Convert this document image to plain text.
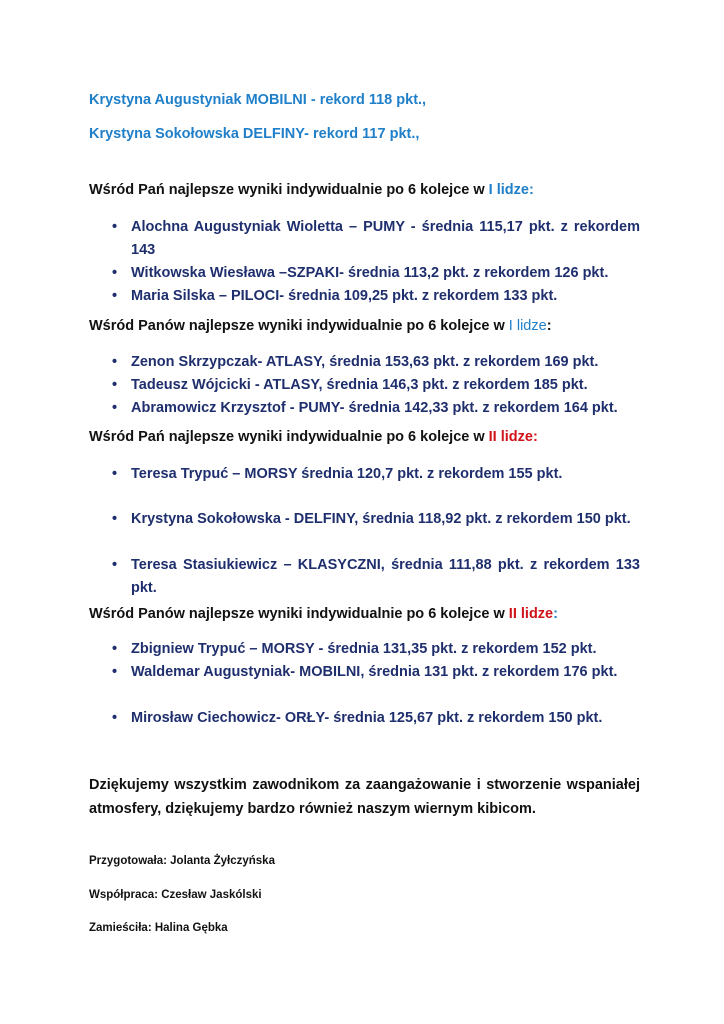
Krystyna Augustyniak MOBILNI - rekord 118 pkt.,
Krystyna Sokołowska DELFINY- rekord 117 pkt.,
Wśród Pań najlepsze wyniki indywidualnie po 6 kolejce w I lidze:
• Alochna Augustyniak Wioletta – PUMY - średnia 115,17 pkt. z rekordem 143
• Witkowska Wiesława –SZPAKI- średnia 113,2 pkt. z rekordem 126 pkt.
• Maria Silska – PILOCI- średnia 109,25 pkt. z rekordem 133 pkt.
Wśród Panów najlepsze wyniki indywidualnie po 6 kolejce w I lidze:
• Zenon Skrzypczak- ATLASY, średnia 153,63 pkt. z rekordem 169 pkt.
• Tadeusz Wójcicki - ATLASY, średnia 146,3 pkt. z rekordem 185 pkt.
• Abramowicz Krzysztof - PUMY- średnia 142,33 pkt. z rekordem 164 pkt.
Wśród Pań najlepsze wyniki indywidualnie po 6 kolejce w II lidze:
• Teresa Trypuć – MORSY średnia 120,7 pkt. z rekordem 155 pkt.
• Krystyna Sokołowska - DELFINY, średnia 118,92 pkt. z rekordem 150 pkt.
• Teresa Stasiukiewicz – KLASYCZNI, średnia 111,88 pkt. z rekordem 133 pkt.
Wśród Panów najlepsze wyniki indywidualnie po 6 kolejce w II lidze:
• Zbigniew Trypuć – MORSY - średnia 131,35 pkt. z rekordem 152 pkt.
• Waldemar Augustyniak- MOBILNI, średnia 131 pkt. z rekordem 176 pkt.
• Mirosław Ciechowicz- ORŁY- średnia 125,67 pkt. z rekordem 150 pkt.
Dziękujemy wszystkim zawodnikom za zaangażowanie i stworzenie wspaniałej atmosfery, dziękujemy bardzo również naszym wiernym kibicom.
Przygotowała: Jolanta Żyłczyńska
Współpraca: Czesław Jaskólski
Zamieściła: Halina Gębka
